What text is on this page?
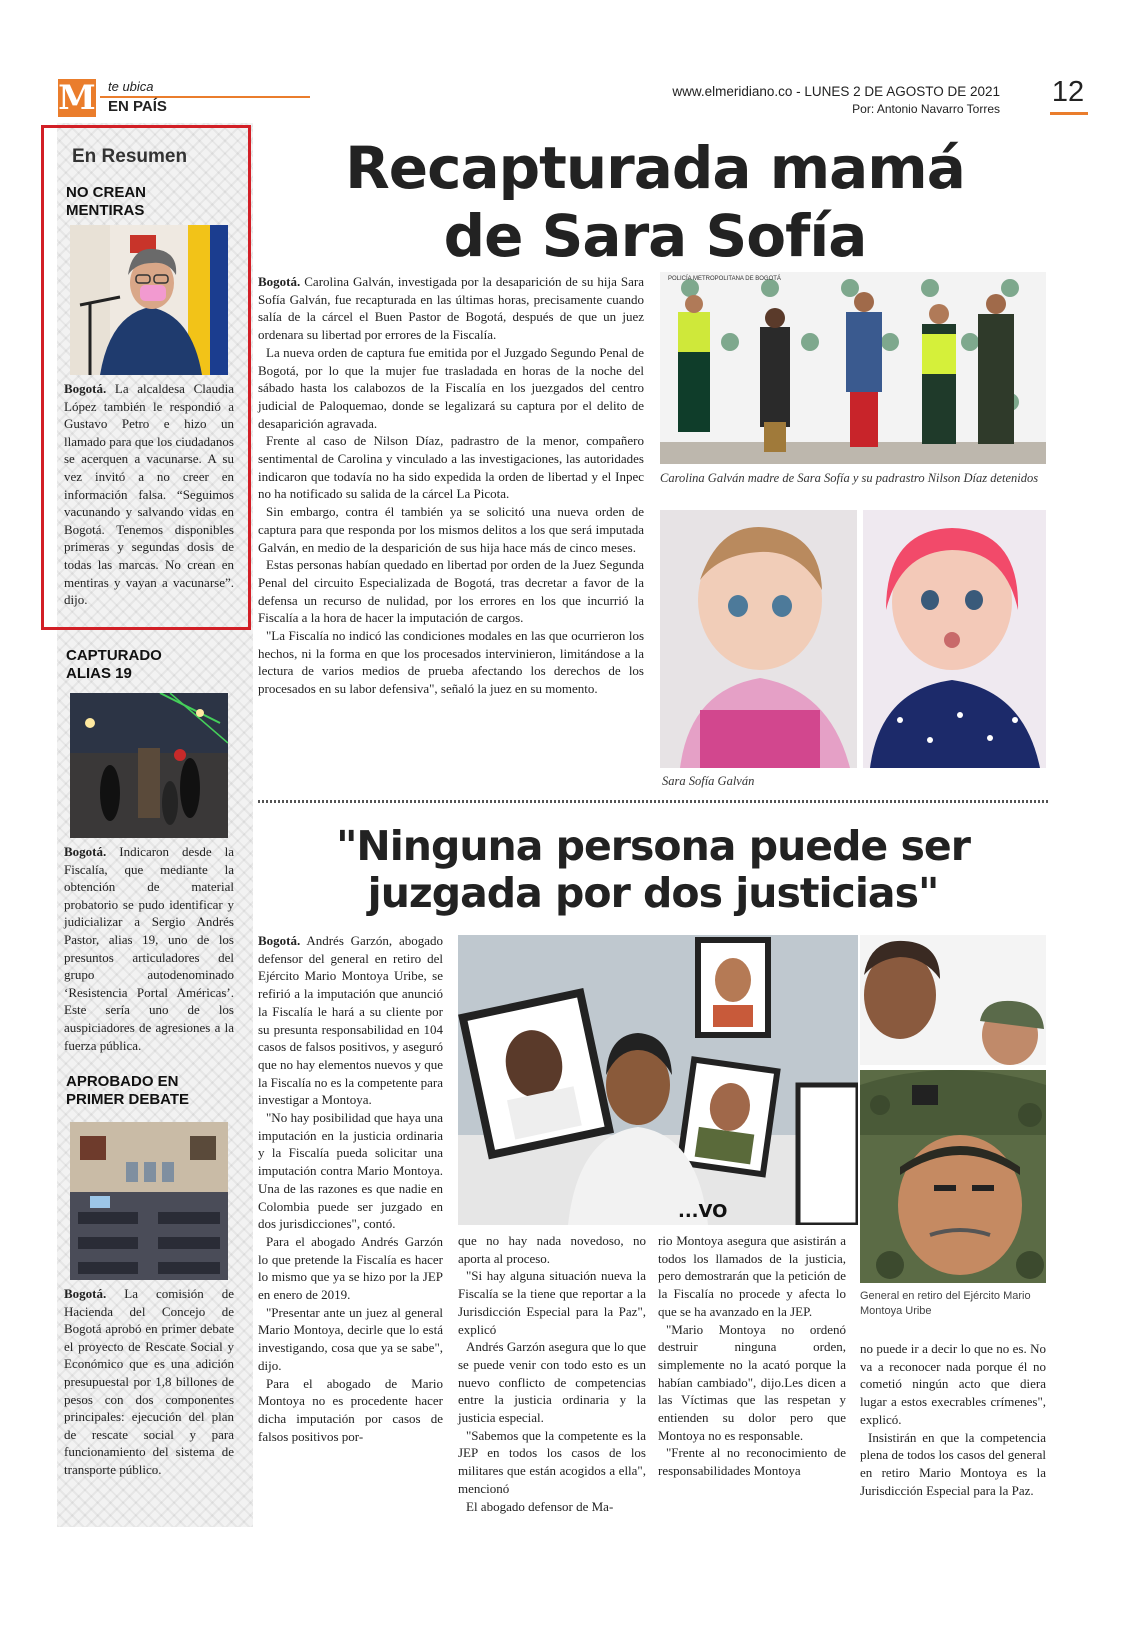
M te ubica
EN PAÍS
www.elmeridiano.co - LUNES 2 DE AGOSTO DE 2021
Por: Antonio Navarro Torres
12
En Resumen
NO CREAN MENTIRAS
Bogotá. La alcaldesa Claudia López también le respondió a Gustavo Petro e hizo un llamado para que los ciudadanos se acerquen a vacunarse. A su vez invitó a no creer en información falsa. “Seguimos vacunando y salvando vidas en Bogotá. Tenemos disponibles primeras y segundas dosis de todas las marcas. No crean en mentiras y vayan a vacunarse”. dijo.
CAPTURADO ALIAS 19
Bogotá. Indicaron desde la Fiscalía, que mediante la obtención de material probatorio se pudo identificar y judicializar a Sergio Andrés Pastor, alias 19, uno de los presuntos articuladores del grupo autodenominado ‘Resistencia Portal Américas’. Este sería uno de los auspiciadores de agresiones a la fuerza pública.
APROBADO EN PRIMER DEBATE
Bogotá. La comisión de Hacienda del Concejo de Bogotá aprobó en primer debate el proyecto de Rescate Social y Económico que es una adición presupuestal por 1,8 billones de pesos con dos componentes principales: ejecución del plan de rescate social y para funcionamiento del sistema de transporte público.
Recapturada mamá
de Sara Sofía

Bogotá. Carolina Galván, investigada por la desaparición de su hija Sara Sofía Galván, fue recapturada en las últimas horas, precisamente cuando salía de la cárcel el Buen Pastor de Bogotá, después de que un juez ordenara su libertad por errores de la Fiscalía.

La nueva orden de captura fue emitida por el Juzgado Segundo Penal de Bogotá, por lo que la mujer fue trasladada en horas de la noche del sábado hasta los calabozos de la Fiscalía en los juezgados del centro judicial de Paloquemao, donde se legalizará su captura por el delito de desaparición agravada.

Frente al caso de Nilson Díaz, padrastro de la menor, compañero sentimental de Carolina y vinculado a las investigaciones, las autoridades indicaron que todavía no ha sido expedida la orden de libertad y el Inpec no ha notificado su salida de la cárcel La Picota.

Sin embargo, contra él también ya se solicitó una nueva orden de captura para que responda por los mismos delitos a los que será imputada Galván, en medio de la desparición de sus hija hace más de cinco meses.

Estas personas habían quedado en libertad por orden de la Juez Segunda Penal del circuito Especializada de Bogotá, tras decretar a favor de la defensa un recurso de nulidad, por los errores en los que incurrió la Fiscalía a la hora de hacer la imputación de cargos.

"La Fiscalía no indicó las condiciones modales en las que ocurrieron los hechos, ni la forma en que los procesados intervinieron, limitándose a la lectura de varios medios de prueba afectando los derechos de los procesados en su labor defensiva", señaló la juez en su momento.

POLICÍA METROPOLITANA DE BOGOTÁ
Carolina Galván madre de Sara Sofía y su padrastro Nilson Díaz detenidos
Sara Sofía Galván
"Ninguna persona puede ser
juzgada por dos justicias"

Bogotá. Andrés Garzón, abogado defensor del general en retiro del Ejército Mario Montoya Uribe, se refirió a la imputación que anunció la Fiscalía le hará a su cliente por su presunta responsabilidad en 104 casos de falsos positivos, y aseguró que no hay elementos nuevos y que la Fiscalía no es la competente para investigar a Montoya.

"No hay posibilidad que haya una imputación en la justicia ordinaria y la Fiscalía pueda solicitar una imputación contra Mario Montoya. Una de las razones es que nadie en Colombia puede ser juzgado en dos jurisdicciones", contó.

Para el abogado Andrés Garzón lo que pretende la Fiscalía es hacer lo mismo que ya se hizo por la JEP en enero de 2019.

"Presentar ante un juez al general Mario Montoya, decirle que lo está investigando, cosa que ya se sabe", dijo.

Para el abogado de Mario Montoya no es procedente hacer dicha imputación por casos de falsos positivos por-

...VO
General en retiro del Ejército Mario Montoya Uribe

que no hay nada novedoso, no aporta al proceso.

"Si hay alguna situación nueva la Fiscalía se la tiene que reportar a la Jurisdicción Especial para la Paz", explicó

Andrés Garzón asegura que lo que se puede venir con todo esto es un nuevo conflicto de competencias entre la justicia ordinaria y la justicia especial.

"Sabemos que la competente es la JEP en todos los casos de los militares que están acogidos a ella", mencionó

El abogado defensor de Ma-

rio Montoya asegura que asistirán a todos los llamados de la justicia, pero demostrarán que la petición de la Fiscalía no procede y afecta lo que se ha avanzado en la JEP.

"Mario Montoya no ordenó destruir ninguna orden, simplemente no la acató porque la habían cambiado", dijo.Les dicen a las Víctimas que las respetan y entienden su dolor pero que Montoya no es responsable.

"Frente al no reconocimiento de responsabilidades Montoya

no puede ir a decir lo que no es. No va a reconocer nada porque él no cometió ningún acto que diera lugar a estos execrables crímenes", explicó.

Insistirán en que la competencia plena de todos los casos del general en retiro Mario Montoya es la Jurisdicción Especial para la Paz.
